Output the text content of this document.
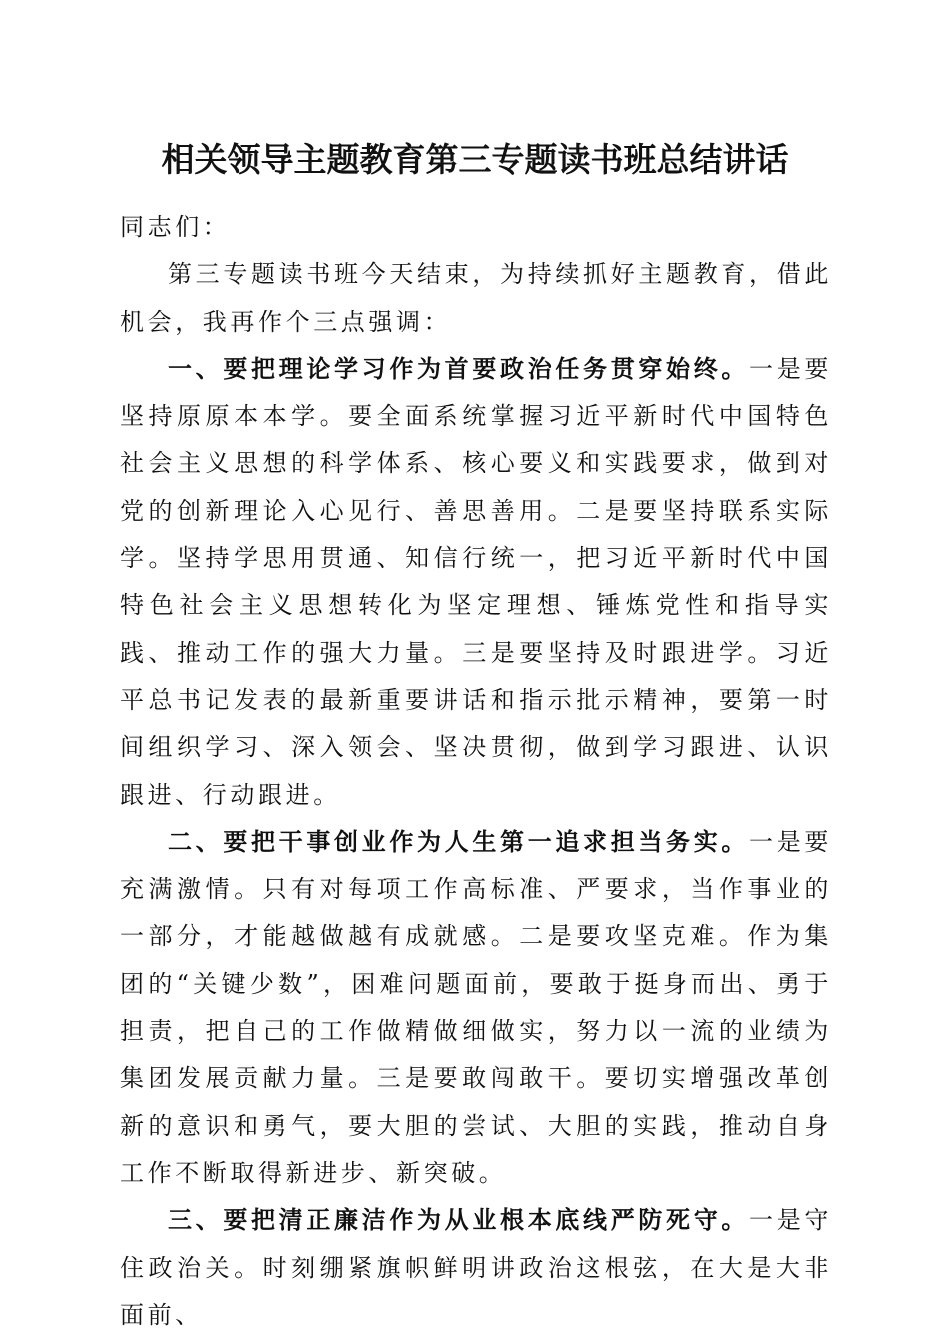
相关领导主题教育第三专题读书班总结讲话

同志们：

第三专题读书班今天结束，为持续抓好主题教育，借此机会，我再作个三点强调：

一、要把理论学习作为首要政治任务贯穿始终。一是要坚持原原本本学。要全面系统掌握习近平新时代中国特色社会主义思想的科学体系、核心要义和实践要求，做到对党的创新理论入心见行、善思善用。二是要坚持联系实际学。坚持学思用贯通、知信行统一，把习近平新时代中国特色社会主义思想转化为坚定理想、锤炼党性和指导实践、推动工作的强大力量。三是要坚持及时跟进学。习近平总书记发表的最新重要讲话和指示批示精神，要第一时间组织学习、深入领会、坚决贯彻，做到学习跟进、认识跟进、行动跟进。

二、要把干事创业作为人生第一追求担当务实。一是要充满激情。只有对每项工作高标准、严要求，当作事业的一部分，才能越做越有成就感。二是要攻坚克难。作为集团的“关键少数”，困难问题面前，要敢于挺身而出、勇于担责，把自己的工作做精做细做实，努力以一流的业绩为集团发展贡献力量。三是要敢闯敢干。要切实增强改革创新的意识和勇气，要大胆的尝试、大胆的实践，推动自身工作不断取得新进步、新突破。

三、要把清正廉洁作为从业根本底线严防死守。一是守住政治关。时刻绷紧旗帜鲜明讲政治这根弦，在大是大非面前、
